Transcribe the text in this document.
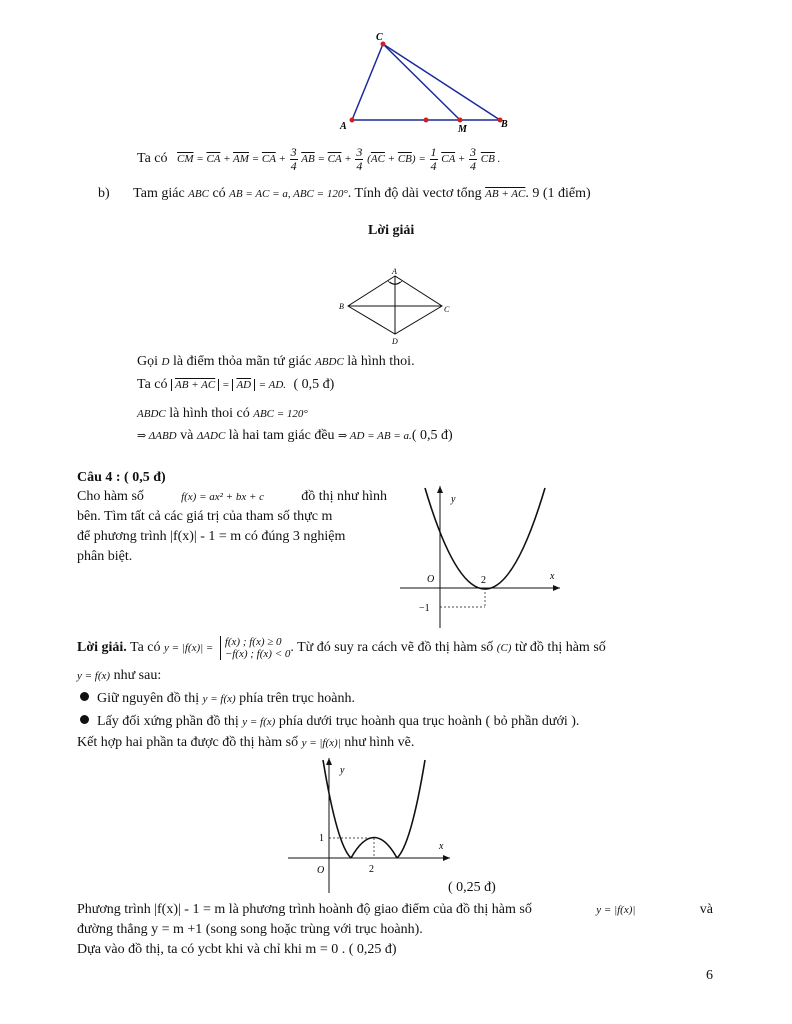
C
A	M	B
Ta có $\overline{CM} = \overline{CA} + \overline{AM} = \overline{CA} + \frac{3}{4} \overline{AB} = \overline{CA} + \frac{3}{4} (\overline{AC} + \overline{CB}) = \frac{1}{4} \overline{CA} + \frac{3}{4} \overline{CB}$ .
b) Tam giác ABC có AB = AC = a, ABC = 120°. Tính độ dài vectơ tổng AB + AC. 9 (1 điểm)
Lời giải
A
B	C
D
Gọi D là điểm thỏa mãn tứ giác ABDC là hình thoi.
Ta có AB + AC = $\overline{AD}$ = AD. ( 0,5 đ)
ABDC là hình thoi có ABC = 120°
⇒ ΔABD và ΔADC là hai tam giác đều ⇒ AD = AB = a.( 0,5 đ)
Câu 4 : ( 0,5 đ)
Cho hàm số	f(x) = ax² + bx + c	đồ thị như hình
bên. Tìm tất cả các giá trị của tham số thực m
để phương trình |f(x)| - 1 = m có đúng 3 nghiệm
phân biệt.
y
x
O	2
−1
Lời giải. Ta có y = |f(x)| =
f(x) ; f(x) ≥ 0
−f(x) ; f(x) < 0 . Từ đó suy ra cách vẽ đồ thị hàm số (C) từ đồ thị hàm số
y = f(x) như sau:
Giữ nguyên đồ thị y = f(x) phía trên trục hoành.
Lấy đối xứng phần đồ thị y = f(x) phía dưới trục hoành qua trục hoành ( bỏ phần dưới ).
Kết hợp hai phần ta được đồ thị hàm số y = |f(x)| như hình vẽ.
y
x
O	2
1
( 0,25 đ)
Phương trình |f(x)| - 1 = m là phương trình hoành độ giao điểm của đồ thị hàm số	y = |f(x)|	và
đường thẳng y = m +1 (song song hoặc trùng với trục hoành).
Dựa vào đồ thị, ta có ycbt khi và chỉ khi m = 0 . ( 0,25 đ)
6
